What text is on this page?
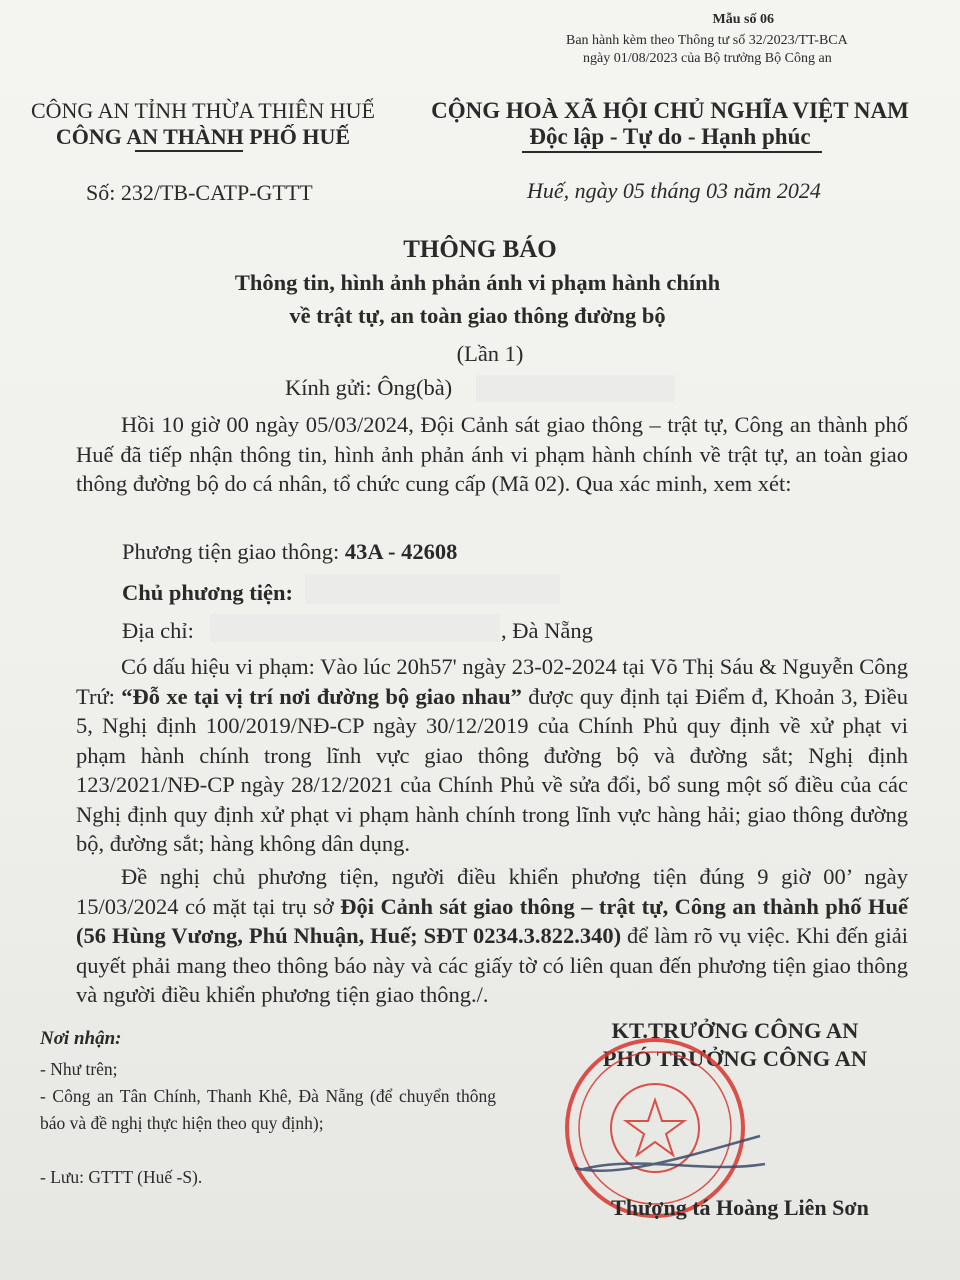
Mẫu số 06
Ban hành kèm theo Thông tư số 32/2023/TT-BCA
ngày 01/08/2023 của Bộ trưởng Bộ Công an
CÔNG AN TỈNH THỪA THIÊN HUẾ
CÔNG AN THÀNH PHỐ HUẾ
Số: 232/TB-CATP-GTTT
CỘNG HOÀ XÃ HỘI CHỦ NGHĨA VIỆT NAM
Độc lập - Tự do - Hạnh phúc
Huế, ngày 05 tháng 03 năm 2024
THÔNG BÁO
Thông tin, hình ảnh phản ánh vi phạm hành chính
về trật tự, an toàn giao thông đường bộ
(Lần 1)
Kính gửi: Ông(bà)
Hồi 10 giờ 00 ngày 05/03/2024, Đội Cảnh sát giao thông – trật tự, Công an thành phố Huế đã tiếp nhận thông tin, hình ảnh phản ánh vi phạm hành chính về trật tự, an toàn giao thông đường bộ do cá nhân, tổ chức cung cấp (Mã 02). Qua xác minh, xem xét:
Phương tiện giao thông: 43A - 42608
Chủ phương tiện:
Địa chỉ:	, Đà Nẵng
Có dấu hiệu vi phạm: Vào lúc 20h57' ngày 23-02-2024 tại Võ Thị Sáu & Nguyễn Công Trứ: “Đỗ xe tại vị trí nơi đường bộ giao nhau” được quy định tại Điểm đ, Khoản 3, Điều 5, Nghị định 100/2019/NĐ-CP ngày 30/12/2019 của Chính Phủ quy định về xử phạt vi phạm hành chính trong lĩnh vực giao thông đường bộ và đường sắt; Nghị định 123/2021/NĐ-CP ngày 28/12/2021 của Chính Phủ về sửa đổi, bổ sung một số điều của các Nghị định quy định xử phạt vi phạm hành chính trong lĩnh vực hàng hải; giao thông đường bộ, đường sắt; hàng không dân dụng.
Đề nghị chủ phương tiện, người điều khiển phương tiện đúng 9 giờ 00’ ngày 15/03/2024 có mặt tại trụ sở Đội Cảnh sát giao thông – trật tự, Công an thành phố Huế (56 Hùng Vương, Phú Nhuận, Huế; SĐT 0234.3.822.340) để làm rõ vụ việc. Khi đến giải quyết phải mang theo thông báo này và các giấy tờ có liên quan đến phương tiện giao thông và người điều khiển phương tiện giao thông./.
Nơi nhận:
- Như trên;
- Công an Tân Chính, Thanh Khê, Đà Nẵng (để chuyển thông báo và đề nghị thực hiện theo quy định);
- Lưu: GTTT (Huế -S).
KT.TRƯỞNG CÔNG AN
PHÓ TRƯỞNG CÔNG AN
Thượng tá Hoàng Liên Sơn
